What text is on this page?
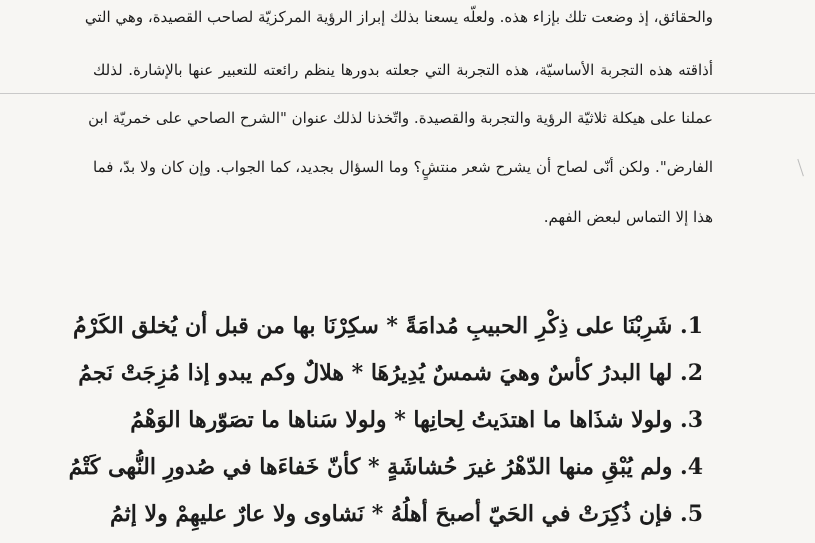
والحقائق، إذ وضعت تلك بإزاء هذه. ولعلّه يسعنا بذلك إبراز الرؤية المركزيّة لصاحب القصيدة، وهي التي
أذاقته هذه التجربة الأساسيّة، هذه التجربة التي جعلته بدورها ينظم رائعته للتعبير عنها بالإشارة. لذلك
عملنا على هيكلة ثلاثيّة الرؤية والتجربة والقصيدة. واتّخذنا لذلك عنوان "الشرح الصاحي على خمريّة ابن
الفارض". ولكن أنّى لصاح أن يشرح شعر منتشٍ؟ وما السؤال بجديد، كما الجواب. وإن كان ولا بدّ، فما
هذا إلا التماس لبعض الفهم.
1. شَرِبْنَا على ذِكْرِ الحبيبِ مُدامَةً * سكِرْنَا بها من قبل أن يُخلق الكَرْمُ
2. لها البدرُ كأسٌ وهيَ شمسٌ يُدِيرُهَا * هلالٌ وكم يبدو إذا مُزِجَتْ نَجمُ
3. ولولا شذَاها ما اهتدَيتُ لِحانِها * ولولا سَناها ما تصَوّرها الوَهْمُ
4. ولم يُبْقِ منها الدّهْرُ غيرَ حُشاشَةٍ * كأنّ خَفاءَها في صُدورِ النُّهى كَتْمُ
5. فإن ذُكِرَتْ في الحَيّ أصبحَ أهلُهُ * نَشاوى ولا عارٌ عليهِمْ ولا إثمُ
